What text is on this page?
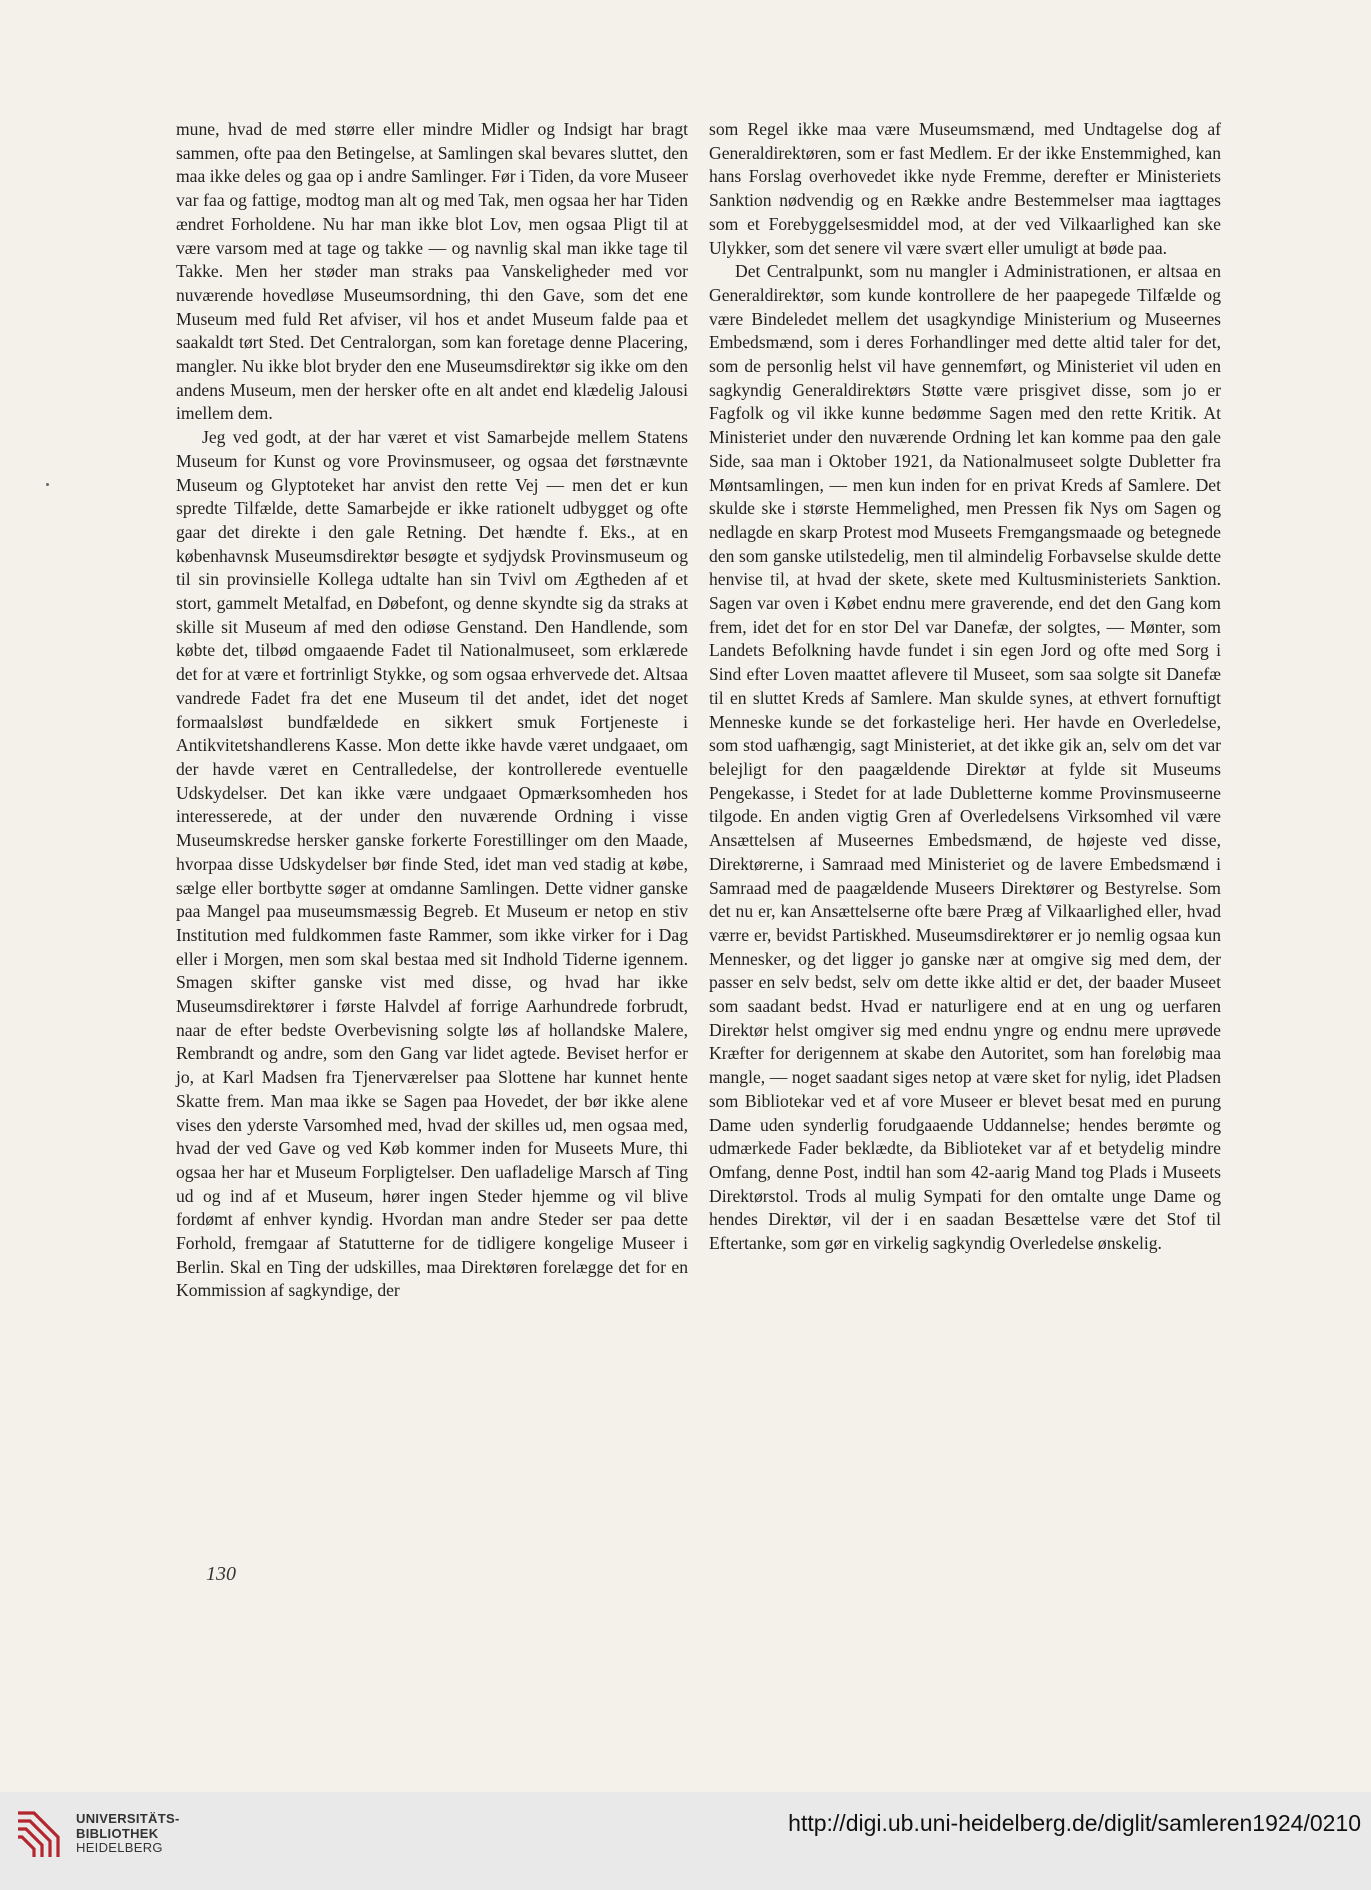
mune, hvad de med større eller mindre Midler og Indsigt har bragt sammen, ofte paa den Betingelse, at Samlingen skal bevares sluttet, den maa ikke deles og gaa op i andre Samlinger. Før i Tiden, da vore Museer var faa og fattige, modtog man alt og med Tak, men ogsaa her har Tiden ændret Forholdene. Nu har man ikke blot Lov, men ogsaa Pligt til at være varsom med at tage og takke — og navnlig skal man ikke tage til Takke. Men her støder man straks paa Vanskeligheder med vor nuværende hovedløse Museumsordning, thi den Gave, som det ene Museum med fuld Ret afviser, vil hos et andet Museum falde paa et saakaldt tørt Sted. Det Centralorgan, som kan foretage denne Placering, mangler. Nu ikke blot bryder den ene Museumsdirektør sig ikke om den andens Museum, men der hersker ofte en alt andet end klædelig Jalousi imellem dem.

Jeg ved godt, at der har været et vist Samarbejde mellem Statens Museum for Kunst og vore Provinsmuseer, og ogsaa det førstnævnte Museum og Glyptoteket har anvist den rette Vej — men det er kun spredte Tilfælde, dette Samarbejde er ikke rationelt udbygget og ofte gaar det direkte i den gale Retning. Det hændte f. Eks., at en københavnsk Museumsdirektør besøgte et sydjydsk Provinsmuseum og til sin provinsielle Kollega udtalte han sin Tvivl om Ægtheden af et stort, gammelt Metalfad, en Døbefont, og denne skyndte sig da straks at skille sit Museum af med den odiøse Genstand. Den Handlende, som købte det, tilbød omgaaende Fadet til Nationalmuseet, som erklærede det for at være et fortrinligt Stykke, og som ogsaa erhvervede det. Altsaa vandrede Fadet fra det ene Museum til det andet, idet det noget formaalsløst bundfældede en sikkert smuk Fortjeneste i Antikvitetshandlerens Kasse. Mon dette ikke havde været undgaaet, om der havde været en Centralledelse, der kontrollerede eventuelle Udskydelser. Det kan ikke være undgaaet Opmærksomheden hos interesserede, at der under den nuværende Ordning i visse Museumskredse hersker ganske forkerte Forestillinger om den Maade, hvorpaa disse Udskydelser bør finde Sted, idet man ved stadig at købe, sælge eller bortbytte søger at omdanne Samlingen. Dette vidner ganske paa Mangel paa museumsmæssig Begreb. Et Museum er netop en stiv Institution med fuldkommen faste Rammer, som ikke virker for i Dag eller i Morgen, men som skal bestaa med sit Indhold Tiderne igennem. Smagen skifter ganske vist med disse, og hvad har ikke Museumsdirektører i første Halvdel af forrige Aarhundrede forbrudt, naar de efter bedste Overbevisning solgte løs af hollandske Malere, Rembrandt og andre, som den Gang var lidet agtede. Beviset herfor er jo, at Karl Madsen fra Tjenerværelser paa Slottene har kunnet hente Skatte frem. Man maa ikke se Sagen paa Hovedet, der bør ikke alene vises den yderste Varsomhed med, hvad der skilles ud, men ogsaa med, hvad der ved Gave og ved Køb kommer inden for Museets Mure, thi ogsaa her har et Museum Forpligtelser. Den uafladelige Marsch af Ting ud og ind af et Museum, hører ingen Steder hjemme og vil blive fordømt af enhver kyndig. Hvordan man andre Steder ser paa dette Forhold, fremgaar af Statutterne for de tidligere kongelige Museer i Berlin. Skal en Ting der udskilles, maa Direktøren forelægge det for en Kommission af sagkyndige, der

som Regel ikke maa være Museumsmænd, med Undtagelse dog af Generaldirektøren, som er fast Medlem. Er der ikke Enstemmighed, kan hans Forslag overhovedet ikke nyde Fremme, derefter er Ministeriets Sanktion nødvendig og en Række andre Bestemmelser maa iagttages som et Forebyggelsesmiddel mod, at der ved Vilkaarlighed kan ske Ulykker, som det senere vil være svært eller umuligt at bøde paa.

Det Centralpunkt, som nu mangler i Administrationen, er altsaa en Generaldirektør, som kunde kontrollere de her paapegede Tilfælde og være Bindeledet mellem det usagkyndige Ministerium og Museernes Embedsmænd, som i deres Forhandlinger med dette altid taler for det, som de personlig helst vil have gennemført, og Ministeriet vil uden en sagkyndig Generaldirektørs Støtte være prisgivet disse, som jo er Fagfolk og vil ikke kunne bedømme Sagen med den rette Kritik. At Ministeriet under den nuværende Ordning let kan komme paa den gale Side, saa man i Oktober 1921, da Nationalmuseet solgte Dubletter fra Møntsamlingen, — men kun inden for en privat Kreds af Samlere. Det skulde ske i største Hemmelighed, men Pressen fik Nys om Sagen og nedlagde en skarp Protest mod Museets Fremgangsmaade og betegnede den som ganske utilstedelig, men til almindelig Forbavselse skulde dette henvise til, at hvad der skete, skete med Kultusministeriets Sanktion. Sagen var oven i Købet endnu mere graverende, end det den Gang kom frem, idet det for en stor Del var Danefæ, der solgtes, — Mønter, som Landets Befolkning havde fundet i sin egen Jord og ofte med Sorg i Sind efter Loven maattet aflevere til Museet, som saa solgte sit Danefæ til en sluttet Kreds af Samlere. Man skulde synes, at ethvert fornuftigt Menneske kunde se det forkastelige heri. Her havde en Overledelse, som stod uafhængig, sagt Ministeriet, at det ikke gik an, selv om det var belejligt for den paagældende Direktør at fylde sit Museums Pengekasse, i Stedet for at lade Dubletterne komme Provinsmuseerne tilgode. En anden vigtig Gren af Overledelsens Virksomhed vil være Ansættelsen af Museernes Embedsmænd, de højeste ved disse, Direktørerne, i Samraad med Ministeriet og de lavere Embedsmænd i Samraad med de paagældende Museers Direktører og Bestyrelse. Som det nu er, kan Ansættelserne ofte bære Præg af Vilkaarlighed eller, hvad værre er, bevidst Partiskhed. Museumsdirektører er jo nemlig ogsaa kun Mennesker, og det ligger jo ganske nær at omgive sig med dem, der passer en selv bedst, selv om dette ikke altid er det, der baader Museet som saadant bedst. Hvad er naturligere end at en ung og uerfaren Direktør helst omgiver sig med endnu yngre og endnu mere uprøvede Kræfter for derigennem at skabe den Autoritet, som han foreløbig maa mangle, — noget saadant siges netop at være sket for nylig, idet Pladsen som Bibliotekar ved et af vore Museer er blevet besat med en purung Dame uden synderlig forudgaaende Uddannelse; hendes berømte og udmærkede Fader beklædte, da Biblioteket var af et betydelig mindre Omfang, denne Post, indtil han som 42-aarig Mand tog Plads i Museets Direktørstol. Trods al mulig Sympati for den omtalte unge Dame og hendes Direktør, vil der i en saadan Besættelse være det Stof til Eftertanke, som gør en virkelig sagkyndig Overledelse ønskelig.

130
UNIVERSITÄTS-
BIBLIOTHEK
HEIDELBERG
http://digi.ub.uni-heidelberg.de/diglit/samleren1924/0210
